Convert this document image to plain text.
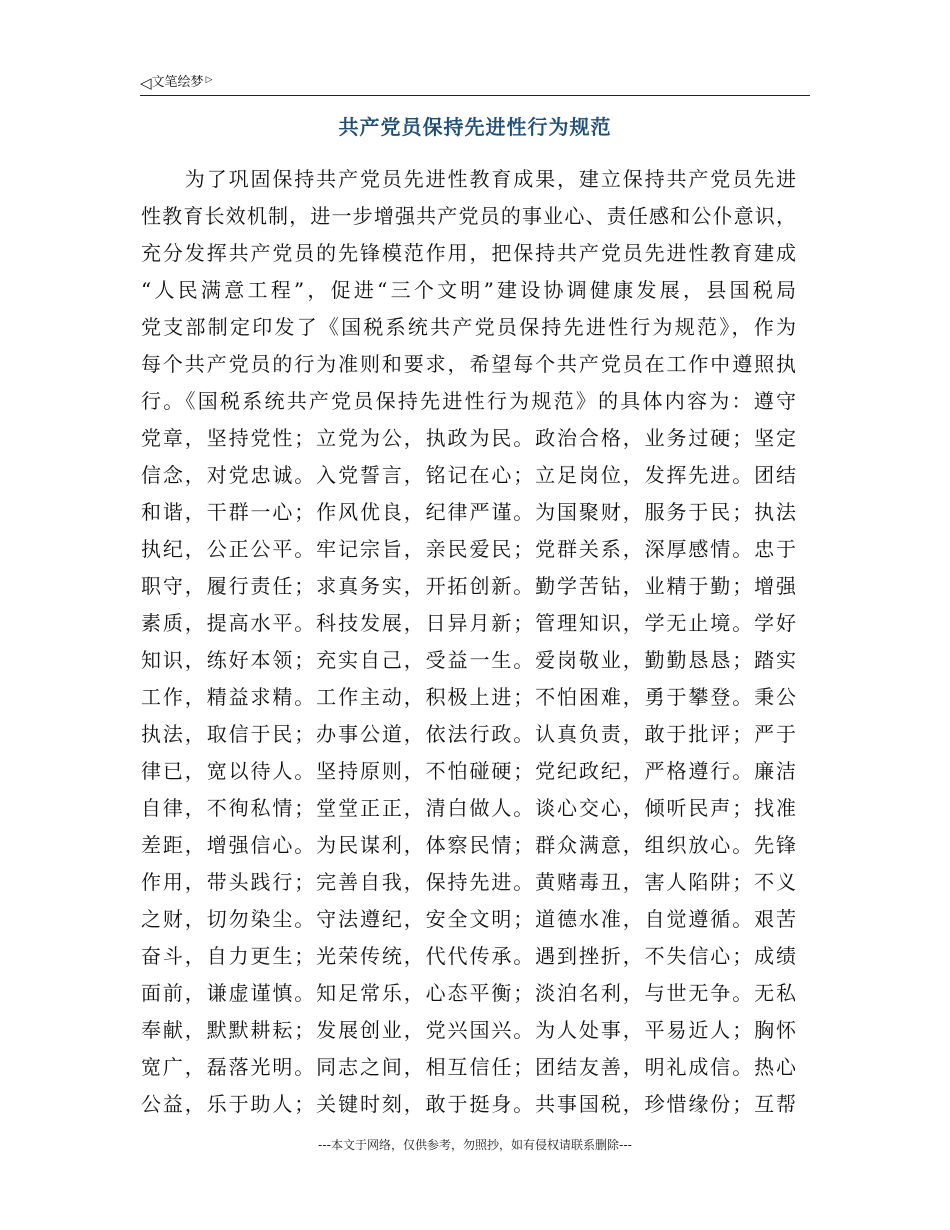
◁文笔绘梦 ▷
共产党员保持先进性行为规范
　　为了巩固保持共产党员先进性教育成果，建立保持共产党员先进
性教育长效机制，进一步增强共产党员的事业心、责任感和公仆意识，
充分发挥共产党员的先锋模范作用，把保持共产党员先进性教育建成
“人民满意工程”，促进“三个文明”建设协调健康发展，县国税局
党支部制定印发了《国税系统共产党员保持先进性行为规范》，作为
每个共产党员的行为准则和要求，希望每个共产党员在工作中遵照执
行。《国税系统共产党员保持先进性行为规范》的具体内容为：遵守
党章，坚持党性；立党为公，执政为民。政治合格，业务过硬；坚定
信念，对党忠诚。入党誓言，铭记在心；立足岗位，发挥先进。团结
和谐，干群一心；作风优良，纪律严谨。为国聚财，服务于民；执法
执纪，公正公平。牢记宗旨，亲民爱民；党群关系，深厚感情。忠于
职守，履行责任；求真务实，开拓创新。勤学苦钻，业精于勤；增强
素质，提高水平。科技发展，日异月新；管理知识，学无止境。学好
知识，练好本领；充实自己，受益一生。爱岗敬业，勤勤恳恳；踏实
工作，精益求精。工作主动，积极上进；不怕困难，勇于攀登。秉公
执法，取信于民；办事公道，依法行政。认真负责，敢于批评；严于
律已，宽以待人。坚持原则，不怕碰硬；党纪政纪，严格遵行。廉洁
自律，不徇私情；堂堂正正，清白做人。谈心交心，倾听民声；找准
差距，增强信心。为民谋利，体察民情；群众满意，组织放心。先锋
作用，带头践行；完善自我，保持先进。黄赌毒丑，害人陷阱；不义
之财，切勿染尘。守法遵纪，安全文明；道德水准，自觉遵循。艰苦
奋斗，自力更生；光荣传统，代代传承。遇到挫折，不失信心；成绩
面前，谦虚谨慎。知足常乐，心态平衡；淡泊名利，与世无争。无私
奉献，默默耕耘；发展创业，党兴国兴。为人处事，平易近人；胸怀
宽广，磊落光明。同志之间，相互信任；团结友善，明礼成信。热心
公益，乐于助人；关键时刻，敢于挺身。共事国税，珍惜缘份；互帮
---本文于网络，仅供参考，勿照抄，如有侵权请联系删除---
